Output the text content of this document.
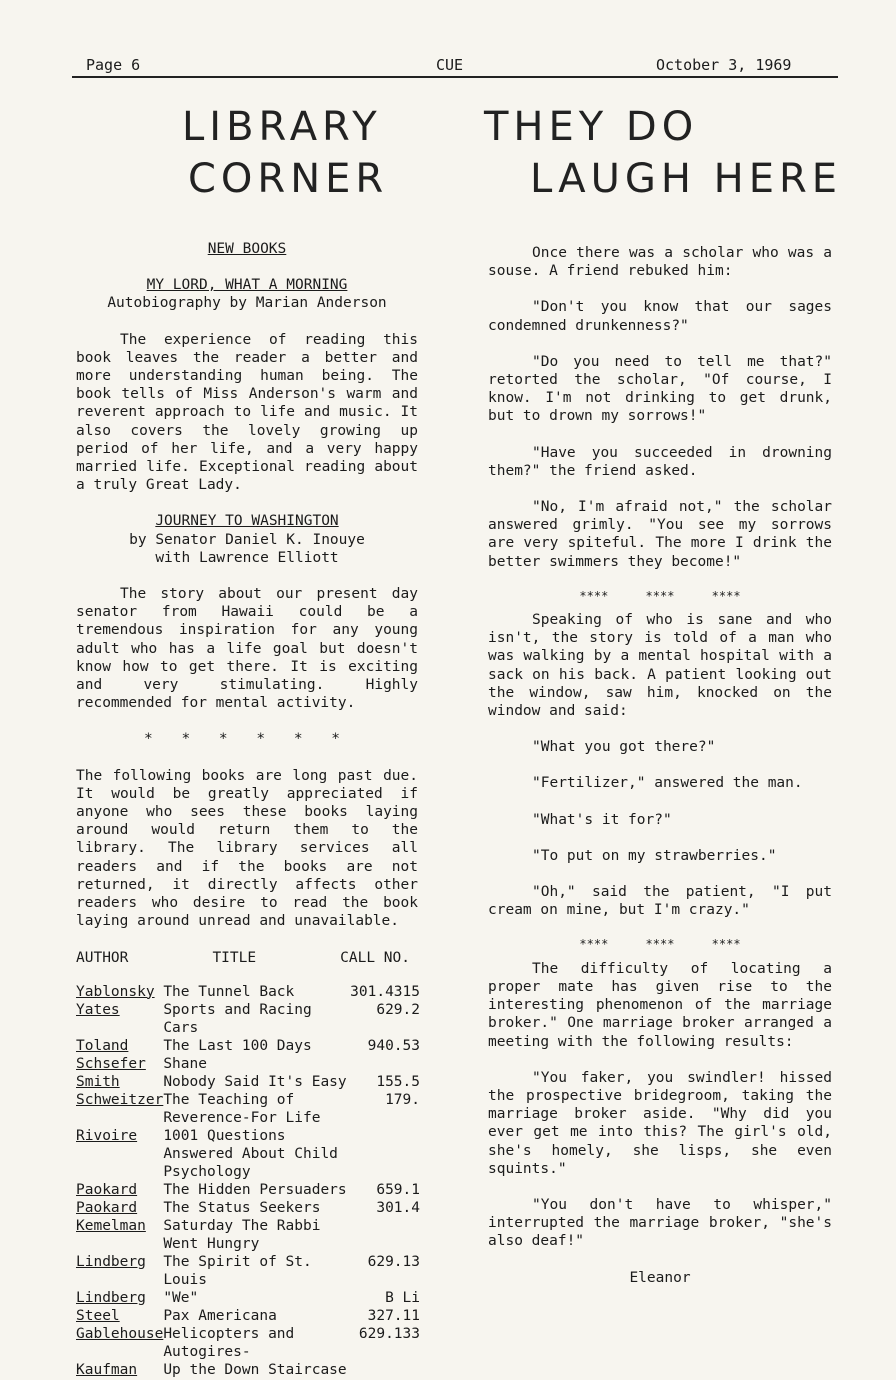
Page 6	CUE	October 3, 1969
LIBRARY
CORNER

NEW BOOKS

MY LORD, WHAT A MORNING

Autobiography by Marian Anderson

The experience of reading this book leaves the reader a better and more understanding human being. The book tells of Miss Anderson's warm and reverent approach to life and music. It also covers the lovely growing up period of her life, and a very happy married life. Exceptional reading about a truly Great Lady.

JOURNEY TO WASHINGTON

by Senator Daniel K. Inouye

with Lawrence Elliott

The story about our present day senator from Hawaii could be a tremendous inspiration for any young adult who has a life goal but doesn't know how to get there. It is exciting and very stimulating. Highly recommended for mental activity.

* * * * * *

The following books are long past due. It would be greatly appreciated if anyone who sees these books laying around would return them to the library. The library services all readers and if the books are not returned, it directly affects other readers who desire to read the book laying around unread and unavailable.

AUTHOR	TITLE	CALL NO.
Yablonsky	The Tunnel Back	301.4315
Yates	Sports and Racing Cars	629.2
Toland	The Last 100 Days	940.53
Schsefer	Shane	
Smith	Nobody Said It's Easy	155.5
Schweitzer	The Teaching of Reverence-For Life	179.
Rivoire	1001 Questions Answered About Child Psychology	
Paokard	The Hidden Persuaders	659.1
Paokard	The Status Seekers	301.4
Kemelman	Saturday The Rabbi Went Hungry	
Lindberg	The Spirit of St. Louis	629.13
Lindberg	"We"	B Li
Steel	Pax Americana	327.11
Gablehouse	Helicopters and Autogires-	629.133
Kaufman	Up the Down Staircase	
THEY DO
LAUGH HERE

Once there was a scholar who was a souse. A friend rebuked him:

"Don't you know that our sages condemned drunkenness?"

"Do you need to tell me that?" retorted the scholar, "Of course, I know. I'm not drinking to get drunk, but to drown my sorrows!"

"Have you succeeded in drowning them?" the friend asked.

"No, I'm afraid not," the scholar answered grimly. "You see my sorrows are very spiteful. The more I drink the better swimmers they become!"

**** **** ****

Speaking of who is sane and who isn't, the story is told of a man who was walking by a mental hospital with a sack on his back. A patient looking out the window, saw him, knocked on the window and said:

"What you got there?"

"Fertilizer," answered the man.

"What's it for?"

"To put on my strawberries."

"Oh," said the patient, "I put cream on mine, but I'm crazy."

**** **** ****

The difficulty of locating a proper mate has given rise to the interesting phenomenon of the marriage broker." One marriage broker arranged a meeting with the following results:

"You faker, you swindler! hissed the prospective bridegroom, taking the marriage broker aside. "Why did you ever get me into this? The girl's old, she's homely, she lisps, she even squints."

"You don't have to whisper," interrupted the marriage broker, "she's also deaf!"

Eleanor
